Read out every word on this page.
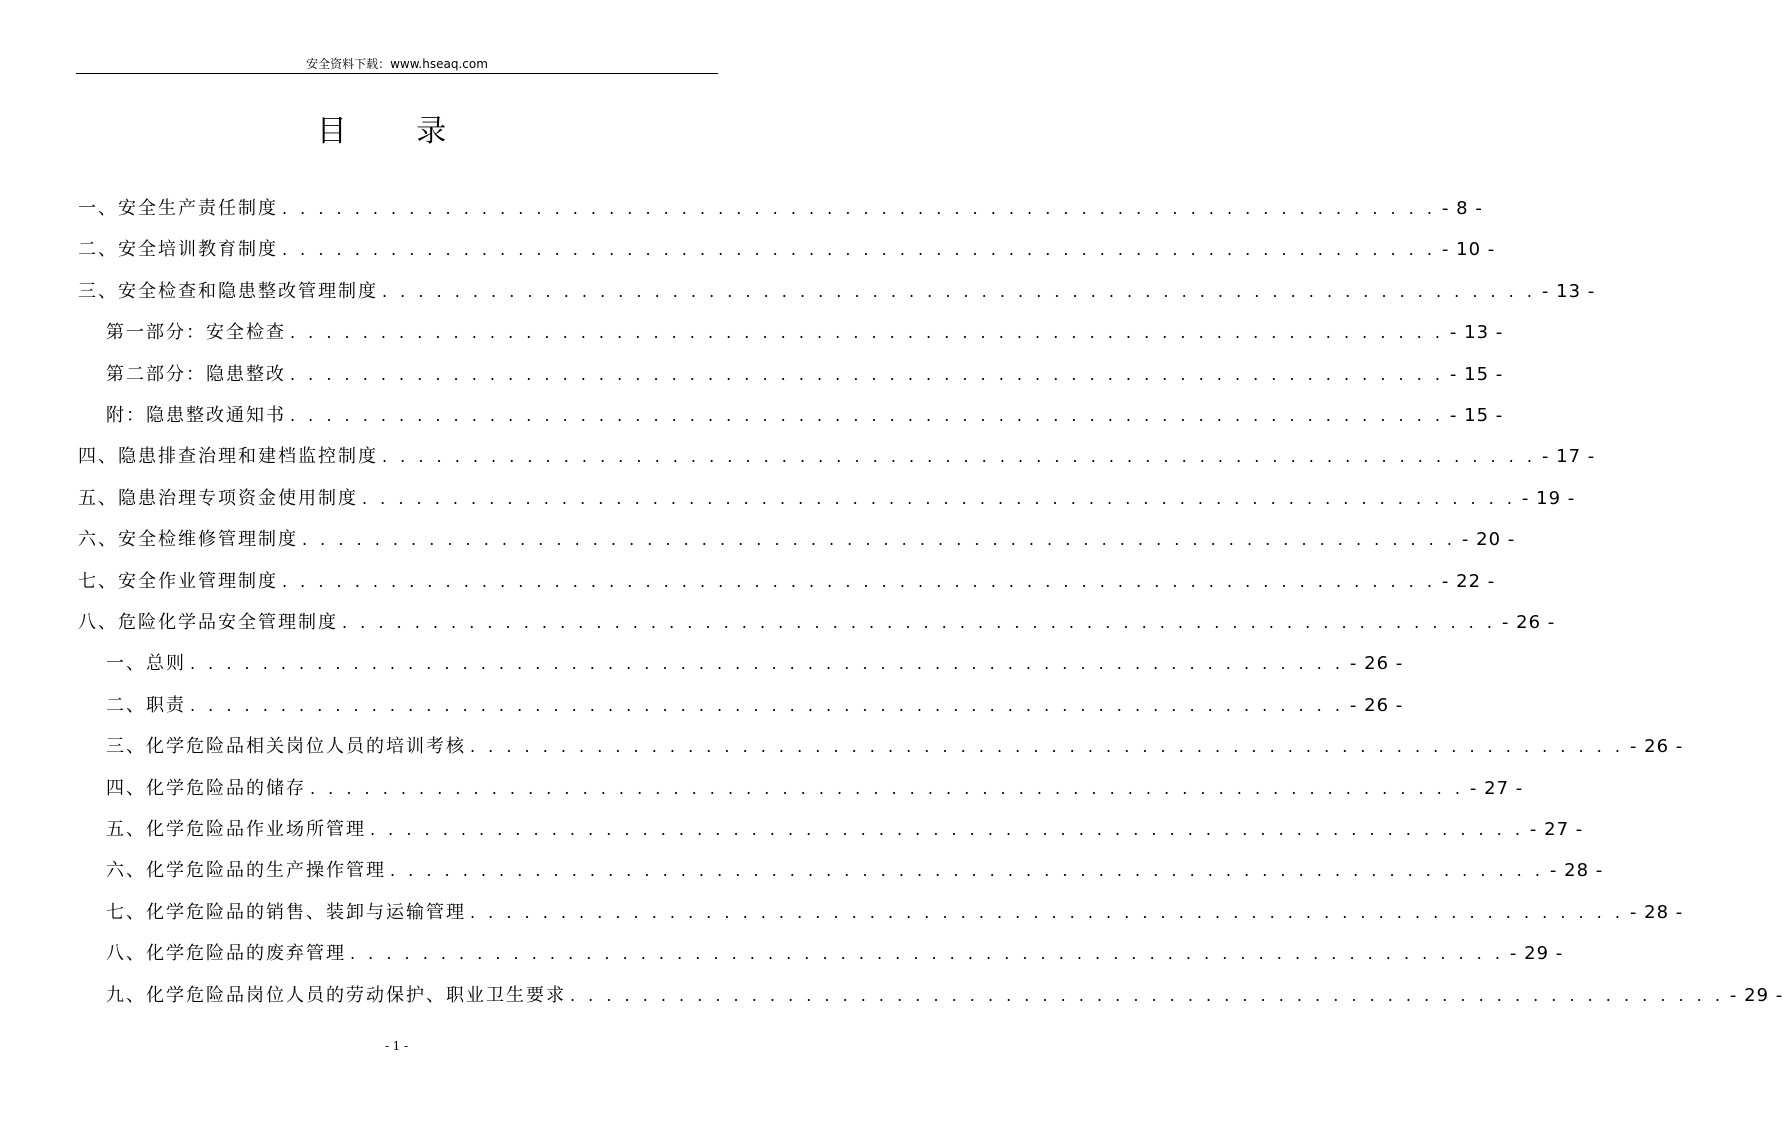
安全资料下载：www.hseaq.com
目 录
一、安全生产责任制度 . . . . . . . . . . . . . . . . . . . . . . . . . . . . . . . . . . . . . . . . . . . . . . . . . . . . . . . . . . . . . . . . - 8 -
二、安全培训教育制度 . . . . . . . . . . . . . . . . . . . . . . . . . . . . . . . . . . . . . . . . . . . . . . . . . . . . . . . . . . . . . . . . - 10 -
三、安全检查和隐患整改管理制度 . . . . . . . . . . . . . . . . . . . . . . . . . . . . . . . . . . . . . . . . . . . . . . . . . . . . . . . . . . . . . . . . - 13 -
第一部分：安全检查 . . . . . . . . . . . . . . . . . . . . . . . . . . . . . . . . . . . . . . . . . . . . . . . . . . . . . . . . . . . . . . . . - 13 -
第二部分：隐患整改 . . . . . . . . . . . . . . . . . . . . . . . . . . . . . . . . . . . . . . . . . . . . . . . . . . . . . . . . . . . . . . . . - 15 -
附：隐患整改通知书 . . . . . . . . . . . . . . . . . . . . . . . . . . . . . . . . . . . . . . . . . . . . . . . . . . . . . . . . . . . . . . . . - 15 -
四、隐患排查治理和建档监控制度 . . . . . . . . . . . . . . . . . . . . . . . . . . . . . . . . . . . . . . . . . . . . . . . . . . . . . . . . . . . . . . . . - 17 -
五、隐患治理专项资金使用制度 . . . . . . . . . . . . . . . . . . . . . . . . . . . . . . . . . . . . . . . . . . . . . . . . . . . . . . . . . . . . . . . . - 19 -
六、安全检维修管理制度 . . . . . . . . . . . . . . . . . . . . . . . . . . . . . . . . . . . . . . . . . . . . . . . . . . . . . . . . . . . . . . . . - 20 -
七、安全作业管理制度 . . . . . . . . . . . . . . . . . . . . . . . . . . . . . . . . . . . . . . . . . . . . . . . . . . . . . . . . . . . . . . . . - 22 -
八、危险化学品安全管理制度 . . . . . . . . . . . . . . . . . . . . . . . . . . . . . . . . . . . . . . . . . . . . . . . . . . . . . . . . . . . . . . . . - 26 -
一、总则 . . . . . . . . . . . . . . . . . . . . . . . . . . . . . . . . . . . . . . . . . . . . . . . . . . . . . . . . . . . . . . . . - 26 -
二、职责 . . . . . . . . . . . . . . . . . . . . . . . . . . . . . . . . . . . . . . . . . . . . . . . . . . . . . . . . . . . . . . . . - 26 -
三、化学危险品相关岗位人员的培训考核 . . . . . . . . . . . . . . . . . . . . . . . . . . . . . . . . . . . . . . . . . . . . . . . . . . . . . . . . . . . . . . . . - 26 -
四、化学危险品的储存 . . . . . . . . . . . . . . . . . . . . . . . . . . . . . . . . . . . . . . . . . . . . . . . . . . . . . . . . . . . . . . . . - 27 -
五、化学危险品作业场所管理 . . . . . . . . . . . . . . . . . . . . . . . . . . . . . . . . . . . . . . . . . . . . . . . . . . . . . . . . . . . . . . . . - 27 -
六、化学危险品的生产操作管理 . . . . . . . . . . . . . . . . . . . . . . . . . . . . . . . . . . . . . . . . . . . . . . . . . . . . . . . . . . . . . . . . - 28 -
七、化学危险品的销售、装卸与运输管理 . . . . . . . . . . . . . . . . . . . . . . . . . . . . . . . . . . . . . . . . . . . . . . . . . . . . . . . . . . . . . . . . - 28 -
八、化学危险品的废弃管理 . . . . . . . . . . . . . . . . . . . . . . . . . . . . . . . . . . . . . . . . . . . . . . . . . . . . . . . . . . . . . . . . - 29 -
九、化学危险品岗位人员的劳动保护、职业卫生要求 . . . . . . . . . . . . . . . . . . . . . . . . . . . . . . . . . . . . . . . . . . . . . . . . . . . . . . . . . . . . . . . . - 29 -
- 1 -
